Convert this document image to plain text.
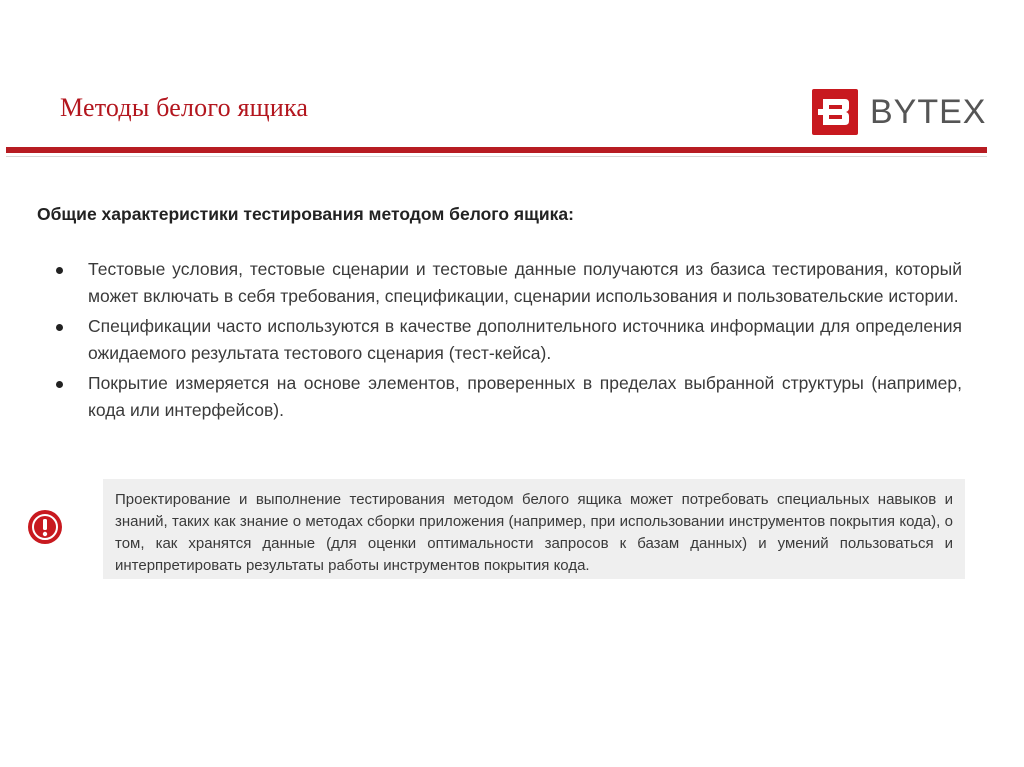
Методы белого ящика	BYTEX
Общие характеристики тестирования методом белого ящика:
Тестовые условия, тестовые сценарии и тестовые данные получаются из базиса тестирования, который может включать в себя требования, спецификации, сценарии использования и пользовательские истории.
Спецификации часто используются в качестве дополнительного источника информации для определения ожидаемого результата тестового сценария (тест-кейса).
Покрытие измеряется на основе элементов, проверенных в пределах выбранной структуры (например, кода или интерфейсов).
Проектирование и выполнение тестирования методом белого ящика может потребовать специальных навыков и знаний, таких как знание о методах сборки приложения (например, при использовании инструментов покрытия кода), о том, как хранятся данные (для оценки оптимальности запросов к базам данных) и умений пользоваться и интерпретировать результаты работы инструментов покрытия кода.
